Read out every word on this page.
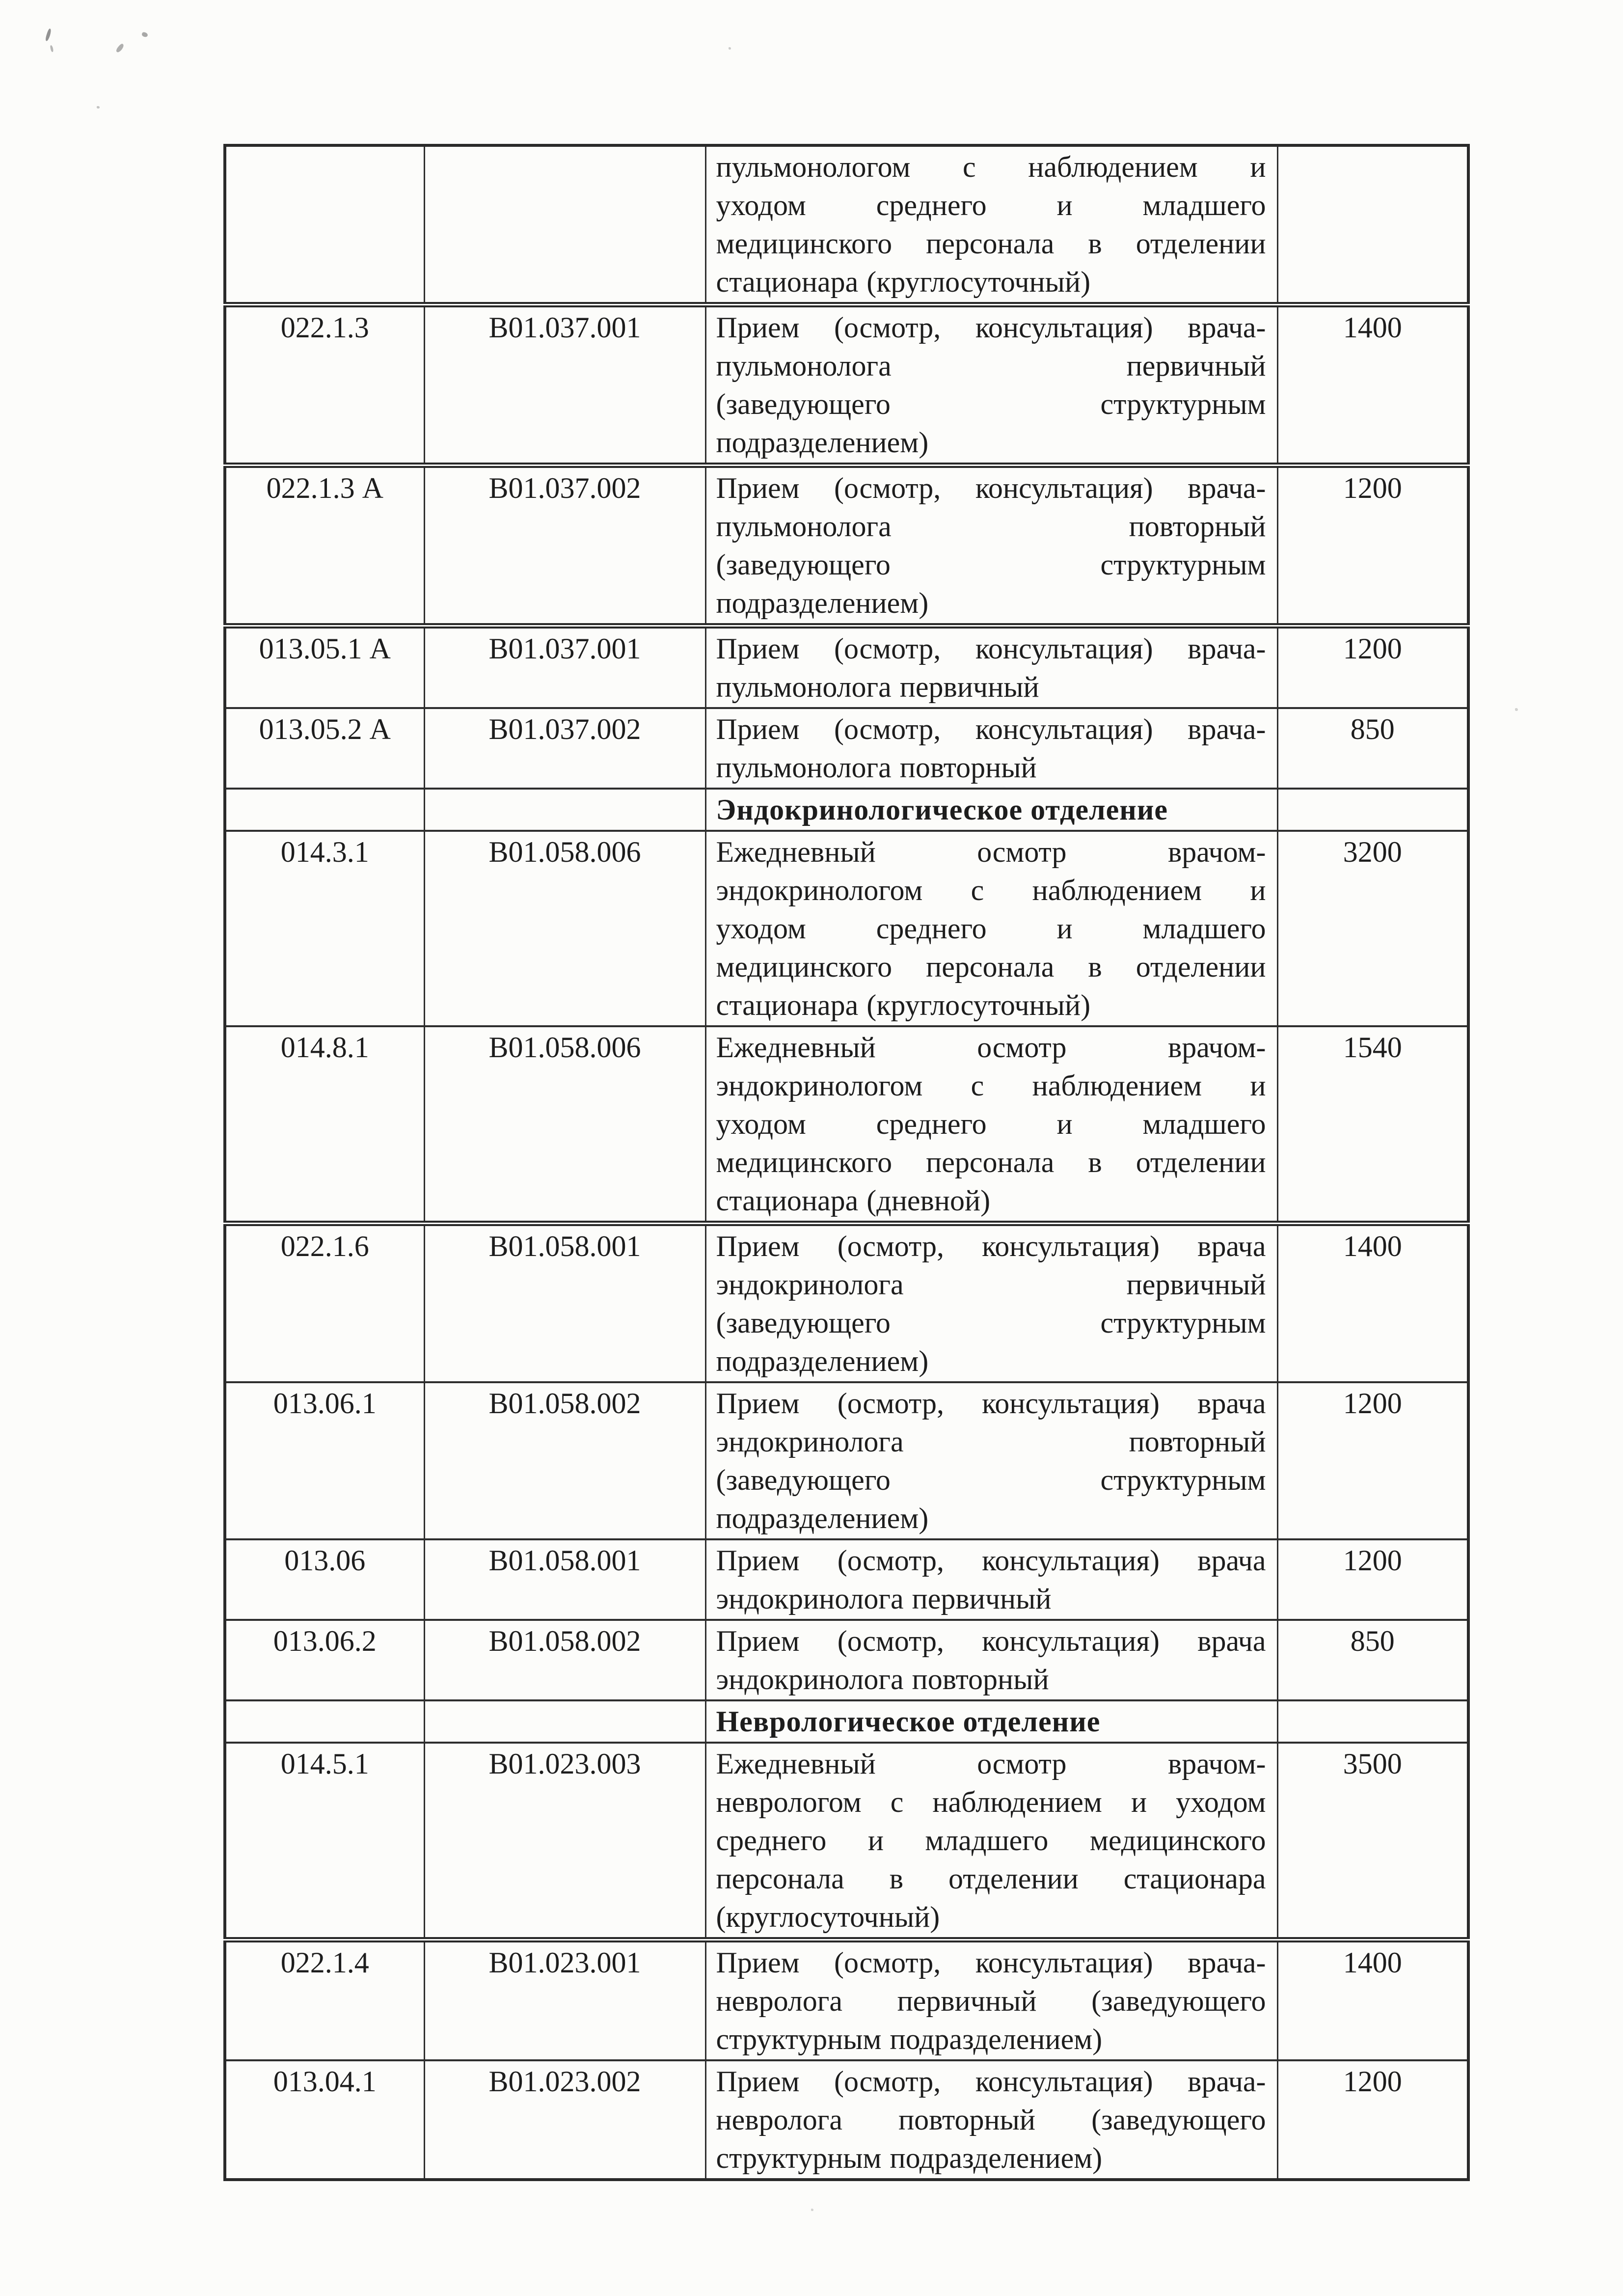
		пульмонологом с наблюдением и
уходом среднего и младшего
медицинского персонала в отделении
стационара (круглосуточный)	

022.1.3	В01.037.001	Прием (осмотр, консультация) врача-
пульмонолога первичный
(заведующего структурным
подразделением)	1400
022.1.3 А	В01.037.002	Прием (осмотр, консультация) врача-
пульмонолога повторный
(заведующего структурным
подразделением)	1200
013.05.1 А	В01.037.001	Прием (осмотр, консультация) врача-
пульмонолога первичный	1200
013.05.2 А	В01.037.002	Прием (осмотр, консультация) врача-
пульмонолога повторный	850
		Эндокринологическое отделение	
014.3.1	В01.058.006	Ежедневный осмотр врачом-
эндокринологом с наблюдением и
уходом среднего и младшего
медицинского персонала в отделении
стационара (круглосуточный)	3200
014.8.1	В01.058.006	Ежедневный осмотр врачом-
эндокринологом с наблюдением и
уходом среднего и младшего
медицинского персонала в отделении
стационара (дневной)	1540
022.1.6	В01.058.001	Прием (осмотр, консультация) врача
эндокринолога первичный
(заведующего структурным
подразделением)	1400
013.06.1	В01.058.002	Прием (осмотр, консультация) врача
эндокринолога повторный
(заведующего структурным
подразделением)	1200
013.06	В01.058.001	Прием (осмотр, консультация) врача
эндокринолога первичный	1200
013.06.2	В01.058.002	Прием (осмотр, консультация) врача
эндокринолога повторный	850
		Неврологическое отделение	
014.5.1	В01.023.003	Ежедневный осмотр врачом-
неврологом с наблюдением и уходом
среднего и младшего медицинского
персонала в отделении стационара
(круглосуточный)	3500
022.1.4	В01.023.001	Прием (осмотр, консультация) врача-
невролога первичный (заведующего
структурным подразделением)	1400
013.04.1	В01.023.002	Прием (осмотр, консультация) врача-
невролога повторный (заведующего
структурным подразделением)	1200
